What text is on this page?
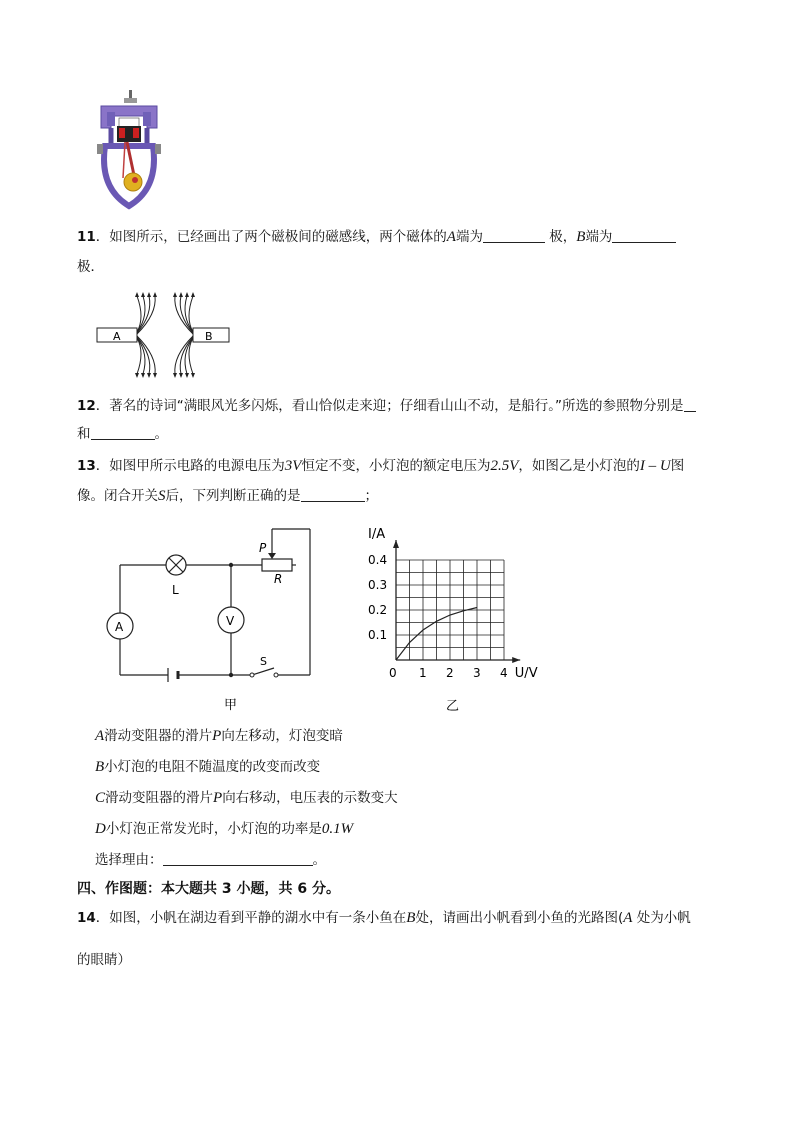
11．如图所示，已经画出了两个磁极间的磁感线，两个磁体的A端为	极，B端为
极．
A	B
12．著名的诗词“满眼风光多闪烁，看山恰似走来迎；仔细看山山不动，是船行。”所选的参照物分别是
和	。
13．如图甲所示电路的电源电压为3V恒定不变，小灯泡的额定电压为2.5V，如图乙是小灯泡的I – U图
像。闭合开关S后，下列判断正确的是	；
L
A	V
S
P
R
甲
0 1 2 3 4
0.1
0.2
0.3
0.4
I/A
U/V
乙
A滑动变阻器的滑片P向左移动，灯泡变暗
B小灯泡的电阻不随温度的改变而改变
C滑动变阻器的滑片P向右移动，电压表的示数变大
D小灯泡正常发光时，小灯泡的功率是0.1W
选择理由：	。
四、作图题：本大题共 3 小题，共 6 分。
14．如图，小帆在湖边看到平静的湖水中有一条小鱼在B处，请画出小帆看到小鱼的光路图(A 处为小帆
的眼睛）
